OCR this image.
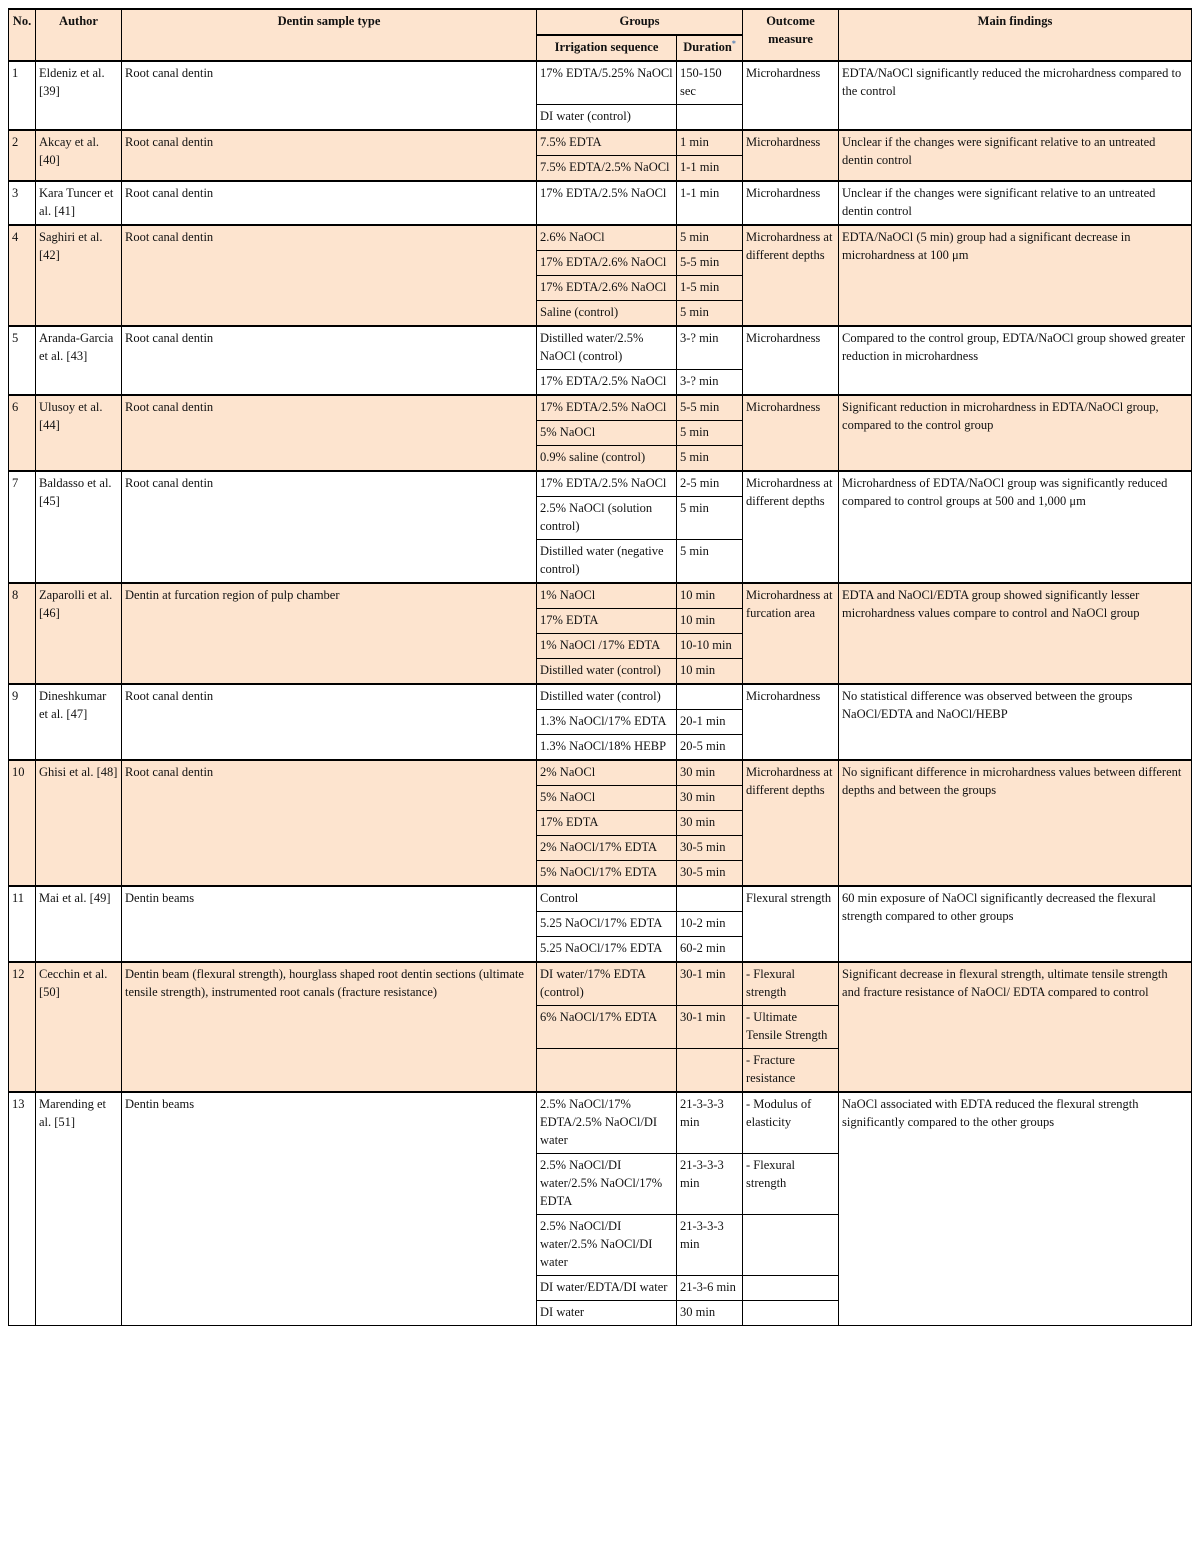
No.	Author	Dentin sample type	Groups		Outcome measure	Main findings
			Irrigation sequence	Duration*
1	Eldeniz et al. [39]	Root canal dentin	17% EDTA/5.25% NaOCl	150-150 sec	Microhardness	EDTA/NaOCl significantly reduced the microhardness compared to the control
			DI water (control)			
2	Akcay et al. [40]	Root canal dentin	7.5% EDTA	1 min	Microhardness	Unclear if the changes were significant relative to an untreated dentin control
			7.5% EDTA/2.5% NaOCl	1-1 min		
3	Kara Tuncer et al. [41]	Root canal dentin	17% EDTA/2.5% NaOCl	1-1 min	Microhardness	Unclear if the changes were significant relative to an untreated dentin control
4	Saghiri et al. [42]	Root canal dentin	2.6% NaOCl	5 min	Microhardness at different depths	EDTA/NaOCl (5 min) group had a significant decrease in microhardness at 100 μm
			17% EDTA/2.6% NaOCl	5-5 min		
			17% EDTA/2.6% NaOCl	1-5 min		
			Saline (control)	5 min		
5	Aranda-Garcia et al. [43]	Root canal dentin	Distilled water/2.5% NaOCl (control)	3-? min	Microhardness	Compared to the control group, EDTA/NaOCl group showed greater reduction in microhardness
			17% EDTA/2.5% NaOCl	3-? min		
6	Ulusoy et al. [44]	Root canal dentin	17% EDTA/2.5% NaOCl	5-5 min	Microhardness	Significant reduction in microhardness in EDTA/NaOCl group, compared to the control group
			5% NaOCl	5 min		
			0.9% saline (control)	5 min		
7	Baldasso et al. [45]	Root canal dentin	17% EDTA/2.5% NaOCl	2-5 min	Microhardness at different depths	Microhardness of EDTA/NaOCl group was significantly reduced compared to control groups at 500 and 1,000 μm
			2.5% NaOCl (solution control)	5 min		
			Distilled water (negative control)	5 min		
8	Zaparolli et al. [46]	Dentin at furcation region of pulp chamber	1% NaOCl	10 min	Microhardness at furcation area	EDTA and NaOCl/EDTA group showed significantly lesser microhardness values compare to control and NaOCl group
			17% EDTA	10 min		
			1% NaOCl /17% EDTA	10-10 min		
			Distilled water (control)	10 min		
9	Dineshkumar et al. [47]	Root canal dentin	Distilled water (control)		Microhardness	No statistical difference was observed between the groups NaOCl/EDTA and NaOCl/HEBP
			1.3% NaOCl/17% EDTA	20-1 min		
			1.3% NaOCl/18% HEBP	20-5 min		
10	Ghisi et al. [48]	Root canal dentin	2% NaOCl	30 min	Microhardness at different depths	No significant difference in microhardness values between different depths and between the groups
			5% NaOCl	30 min		
			17% EDTA	30 min		
			2% NaOCl/17% EDTA	30-5 min		
			5% NaOCl/17% EDTA	30-5 min		
11	Mai et al. [49]	Dentin beams	Control		Flexural strength	60 min exposure of NaOCl significantly decreased the flexural strength compared to other groups
			5.25 NaOCl/17% EDTA	10-2 min		
			5.25 NaOCl/17% EDTA	60-2 min		
12	Cecchin et al. [50]	Dentin beam (flexural strength), hourglass shaped root dentin sections (ultimate tensile strength), instrumented root canals (fracture resistance)	DI water/17% EDTA (control)	30-1 min	- Flexural strength	Significant decrease in flexural strength, ultimate tensile strength and fracture resistance of NaOCl/ EDTA compared to control
			6% NaOCl/17% EDTA	30-1 min	- Ultimate Tensile Strength	
					- Fracture resistance	
13	Marending et al. [51]	Dentin beams	2.5% NaOCl/17% EDTA/2.5% NaOCl/DI water	21-3-3-3 min	- Modulus of elasticity	NaOCl associated with EDTA reduced the flexural strength significantly compared to the other groups
			2.5% NaOCl/DI water/2.5% NaOCl/17% EDTA	21-3-3-3 min	- Flexural strength	
			2.5% NaOCl/DI water/2.5% NaOCl/DI water	21-3-3-3 min		
			DI water/EDTA/DI water	21-3-6 min		
			DI water	30 min		
